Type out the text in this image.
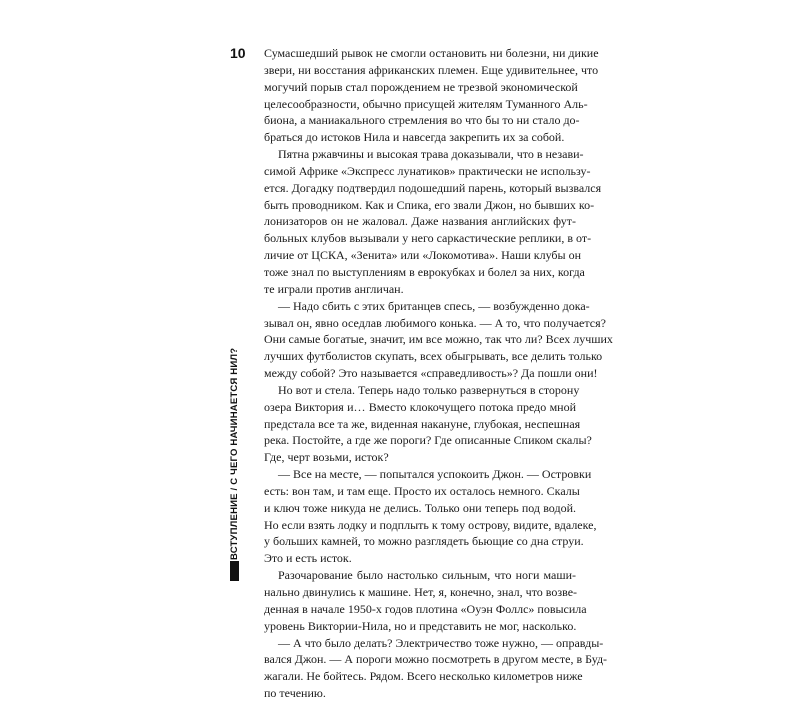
10 Сумасшедший рывок не смогли остановить ни болезни, ни дикие
звери, ни восстания африканских племен. Еще удивительнее, что
могучий порыв стал порождением не трезвой экономической
целесообразности, обычно присущей жителям Туманного Аль-
биона, а маниакального стремления во что бы то ни стало до-
браться до истоков Нила и навсегда закрепить их за собой.
Пятна ржавчины и высокая трава доказывали, что в незави-
симой Африке «Экспресс лунатиков» практически не использу-
ется. Догадку подтвердил подошедший парень, который вызвался
быть проводником. Как и Спика, его звали Джон, но бывших ко-
лонизаторов он не жаловал. Даже названия английских фут-
больных клубов вызывали у него саркастические реплики, в от-
личие от ЦСКА, «Зенита» или «Локомотива». Наши клубы он
тоже знал по выступлениям в еврокубках и болел за них, когда
те играли против англичан.
— Надо сбить с этих британцев спесь, — возбужденно дока-
зывал он, явно оседлав любимого конька. — А то, что получается?
Они самые богатые, значит, им все можно, так что ли? Всех лучших
лучших футболистов скупать, всех обыгрывать, все делить только
между собой? Это называется «справедливость»? Да пошли они!
Но вот и стела. Теперь надо только развернуться в сторону
озера Виктория и… Вместо клокочущего потока предо мной
предстала все та же, виденная накануне, глубокая, неспешная
река. Постойте, а где же пороги? Где описанные Спиком скалы?
Где, черт возьми, исток?
— Все на месте, — попытался успокоить Джон. — Островки
есть: вон там, и там еще. Просто их осталось немного. Скалы
и ключ тоже никуда не делись. Только они теперь под водой.
Но если взять лодку и подплыть к тому острову, видите, вдалеке,
у больших камней, то можно разглядеть бьющие со дна струи.
Это и есть исток.
Разочарование было настолько сильным, что ноги маши-
нально двинулись к машине. Нет, я, конечно, знал, что возве-
денная в начале 1950-х годов плотина «Оуэн Фоллс» повысила
уровень Виктории-Нила, но и представить не мог, насколько.
— А что было делать? Электричество тоже нужно, — оправды-
вался Джон. — А пороги можно посмотреть в другом месте, в Буд-
жагали. Не бойтесь. Рядом. Всего несколько километров ниже
по течению.
ВСТУПЛЕНИЕ / С ЧЕГО НАЧИНАЕТСЯ НИЛ?
